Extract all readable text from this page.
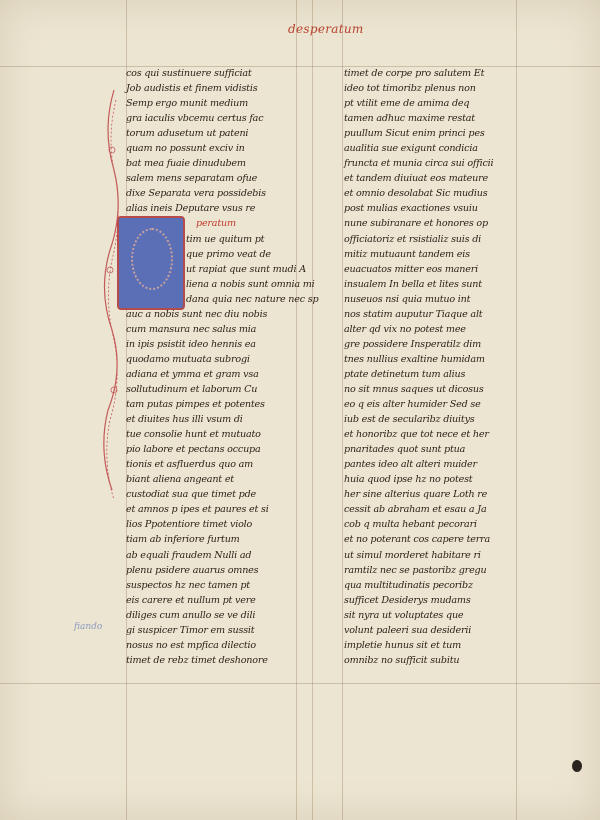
desperatum
cos qui sustinuere sufficiat
Job audistis et finem vidistis
Semp ergo munit medium
gra iaculis vbcemu certus fac
torum adusetum ut pateni
quam no possunt exciv in
bat mea fuaie dinudubem
salem mens separatam ofue
dixe Separata vera possidebis
alias ineis Deputare vsus re
peratum
tim ue quitum pt
que primo veat de
ut rapiat que sunt mudi A
liena a nobis sunt omnia mi
dana quia nec nature nec sp
auc a nobis sunt nec diu nobis
cum mansura nec salus mia
in ipis psistit ideo hennis ea
quodamo mutuata subrogi
adiana et ymma et gram vsa
sollutudinum et laborum Cu
tam putas pimpes et potentes
et diuites hus illi vsum di
tue consolie hunt et mutuato
pio labore et pectans occupa
tionis et asfluerdus quo am
biant aliena angeant et
custodiat sua que timet pde
et amnos p ipes et paures et si
lios Ppotentiore timet violo
tiam ab inferiore furtum
ab equali fraudem Nulli ad
plenu psidere auarus omnes
suspectos hz nec tamen pt
eis carere et nullum pt vere
diliges cum anullo se ve dili
gi suspicer Timor em sussit
nosus no est mpfica dilectio
timet de rebz timet deshonore
timet de corpe pro salutem Et
ideo tot timoribz plenus non
pt vtilit eme de amima deq
tamen adhuc maxime restat
puullum Sicut enim princi pes
aualitia sue exigunt condicia
fruncta et munia circa sui officii
et tandem diuiuat eos mateure
et omnio desolabat Sic mudius
post mulias exactiones vsuiu
nune subiranare et honores op
officiatoriz et rsistializ suis di
mitiz mutuaunt tandem eis
euacuatos mitter eos maneri
insualem In bella et lites sunt
nuseuos nsi quia mutuo int
nos statim auputur Tiaque alt
alter qd vix no potest mee
gre possidere Insperatilz dim
tnes nullius exaltine humidam
ptate detinetum tum alius
no sit mnus saques ut dicosus
eo q eis alter humider Sed se
iub est de secularibz diuitys
et honoribz que tot nece et her
pnaritades quot sunt ptua
pantes ideo alt alteri muider
huia quod ipse hz no potest
her sine alterius quare Loth re
cessit ab abraham et esau a Ja
cob q multa hebant pecorari
et no poterant cos capere terra
ut simul morderet habitare ri
ramtilz nec se pastoribz gregu
qua multitudinatis pecoribz
sufficet Desiderys mudams
sit nyra ut voluptates que
volunt paleeri sua desiderii
impletie hunus sit et tum
omnibz no sufficit subitu
fiando
